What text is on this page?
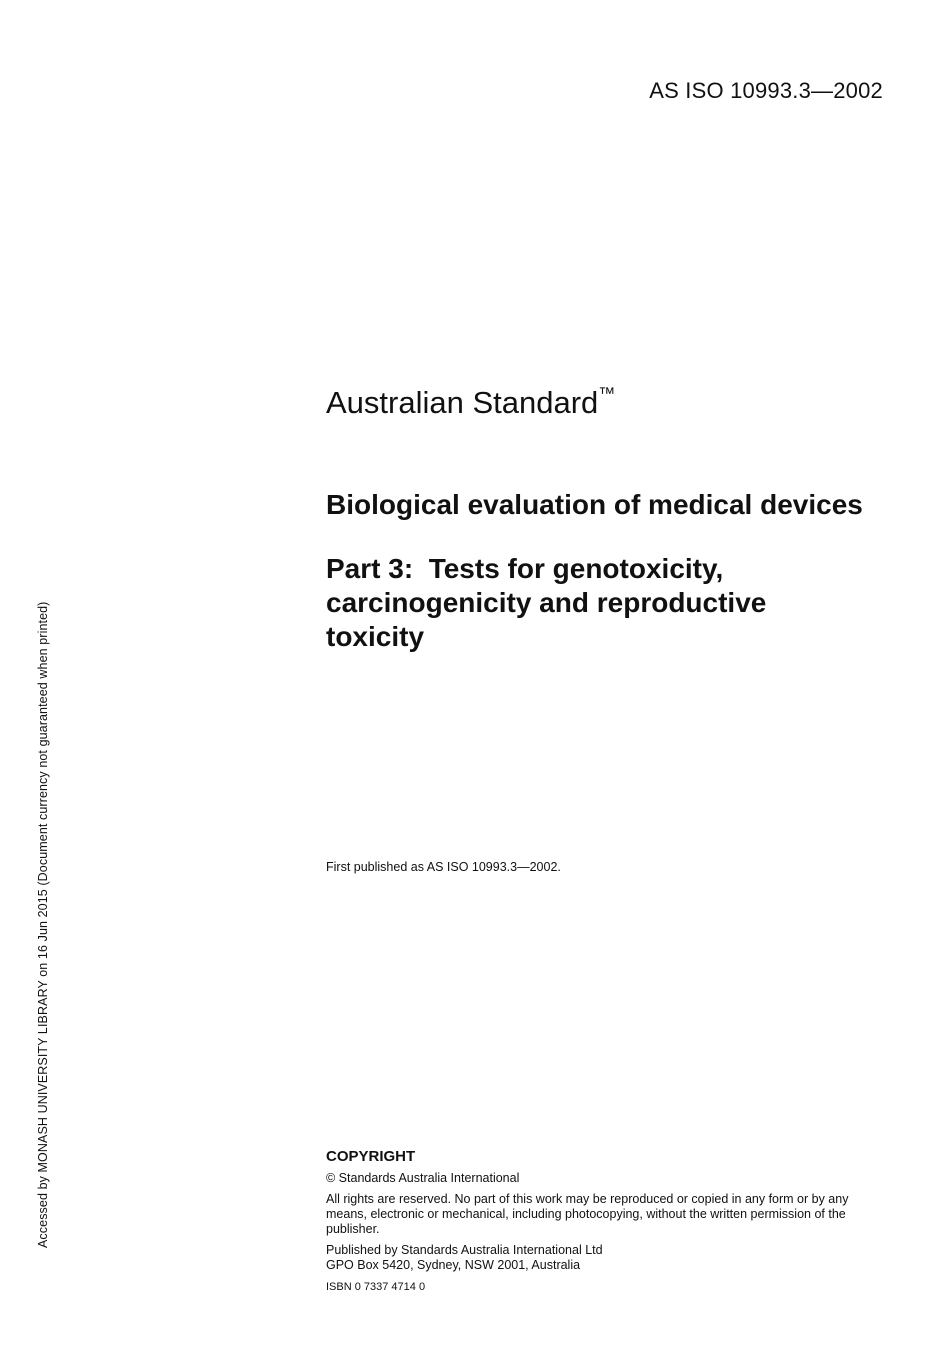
AS ISO 10993.3—2002
Australian Standard™
Biological evaluation of medical devices
Part 3:  Tests for genotoxicity,
carcinogenicity and reproductive
toxicity
First published as AS ISO 10993.3—2002.
COPYRIGHT

© Standards Australia International

All rights are reserved. No part of this work may be reproduced or copied in any form or by any means, electronic or mechanical, including photocopying, without the written permission of the publisher.

Published by Standards Australia International Ltd

GPO Box 5420, Sydney, NSW 2001, Australia

ISBN 0 7337 4714 0

Accessed by MONASH UNIVERSITY LIBRARY on 16 Jun 2015 (Document currency not guaranteed when printed)
